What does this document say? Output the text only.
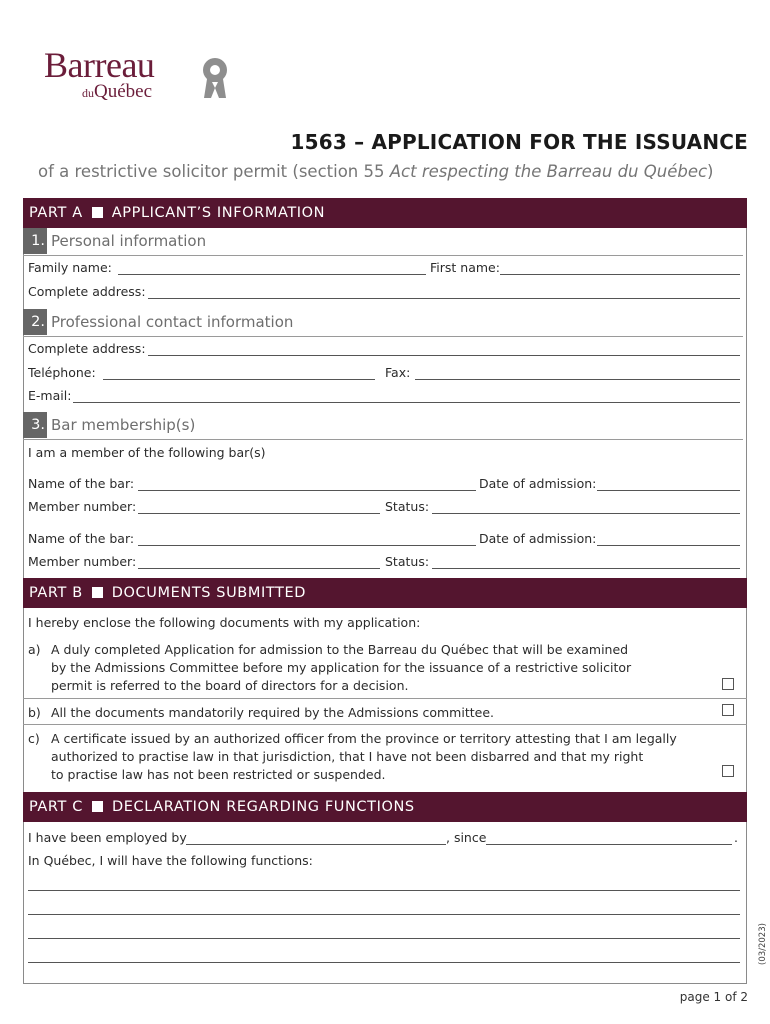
Barreau
duQuébec
1563 – APPLICATION FOR THE ISSUANCE
of a restrictive solicitor permit (section 55 Act respecting the Barreau du Québec)
PART A APPLICANT’S INFORMATION
1. Personal information
Family name:	First name:
Complete address:
2. Professional contact information
Complete address:
Teléphone:	Fax:
E-mail:
3. Bar membership(s)
I am a member of the following bar(s)
Name of the bar:	Date of admission:
Member number:	Status:
Name of the bar:	Date of admission:
Member number:	Status:
PART B DOCUMENTS SUBMITTED
I hereby enclose the following documents with my application:
a) A duly completed Application for admission to the Barreau du Québec that will be examined
by the Admissions Committee before my application for the issuance of a restrictive solicitor
permit is referred to the board of directors for a decision.
b) All the documents mandatorily required by the Admissions committee.
c) A certificate issued by an authorized officer from the province or territory attesting that I am legally
authorized to practise law in that jurisdiction, that I have not been disbarred and that my right
to practise law has not been restricted or suspended.
PART C DECLARATION REGARDING FUNCTIONS
I have been employed by	, since	.
In Québec, I will have the following functions:
(03/2023)
page 1 of 2
